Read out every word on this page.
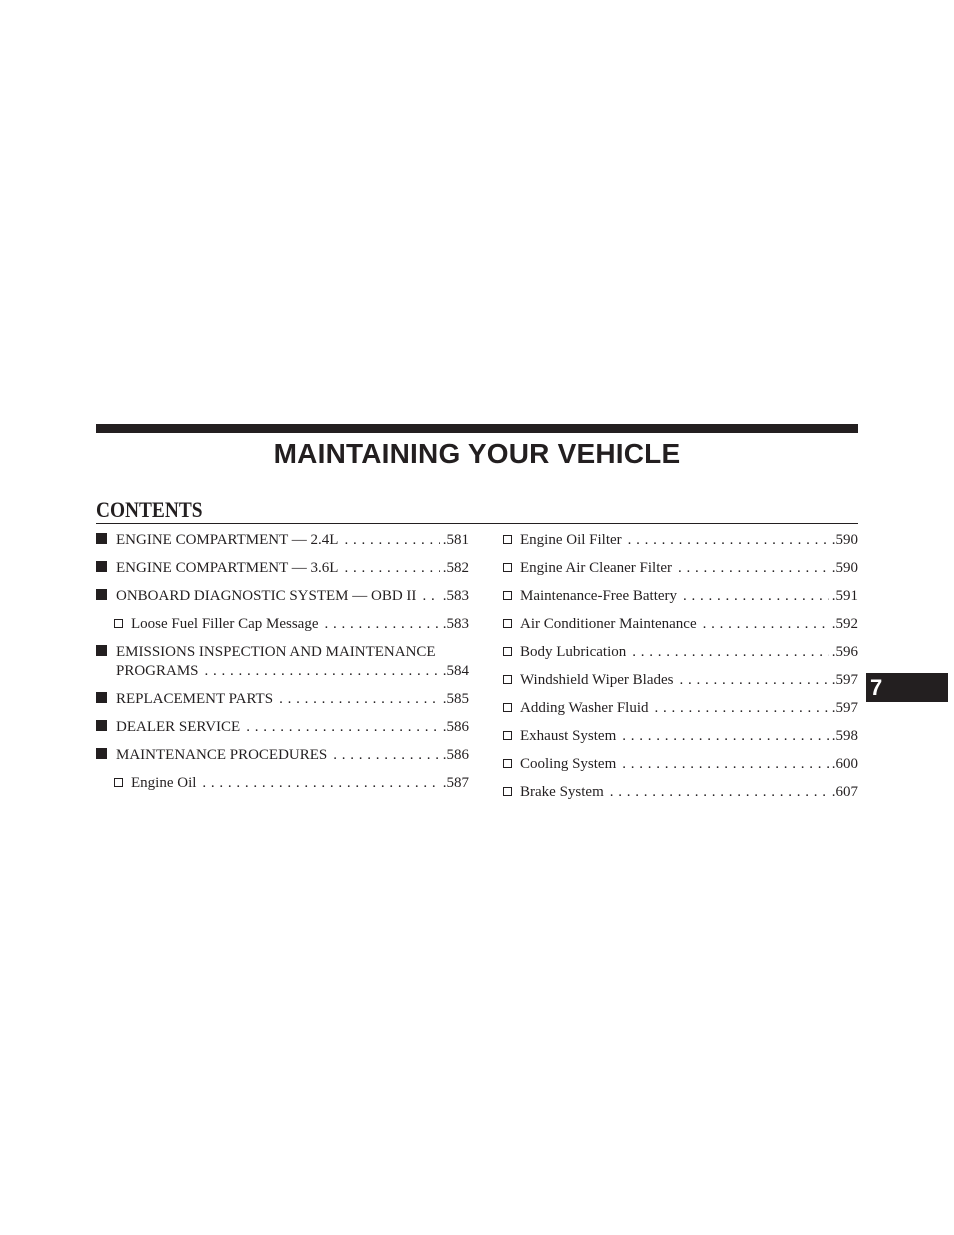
MAINTAINING YOUR VEHICLE
CONTENTS
ENGINE COMPARTMENT — 2.4L . . .	.581
ENGINE COMPARTMENT — 3.6L . . .	.582
ONBOARD DIAGNOSTIC SYSTEM — OBD II . . . .583
Loose Fuel Filler Cap Message . . .	.583
EMISSIONS INSPECTION AND MAINTENANCE
PROGRAMS . . .	.584
REPLACEMENT PARTS . . .	.585
DEALER SERVICE . . .	.586
MAINTENANCE PROCEDURES . . .	.586
Engine Oil . . .	.587
Engine Oil Filter . . .	.590
Engine Air Cleaner Filter . . .	.590
Maintenance-Free Battery . . .	.591
Air Conditioner Maintenance . . .	.592
Body Lubrication . . .	.596
Windshield Wiper Blades . . .	.597
Adding Washer Fluid . . .	.597
Exhaust System . . .	.598
Cooling System . . .	.600
Brake System . . .	.607
7
